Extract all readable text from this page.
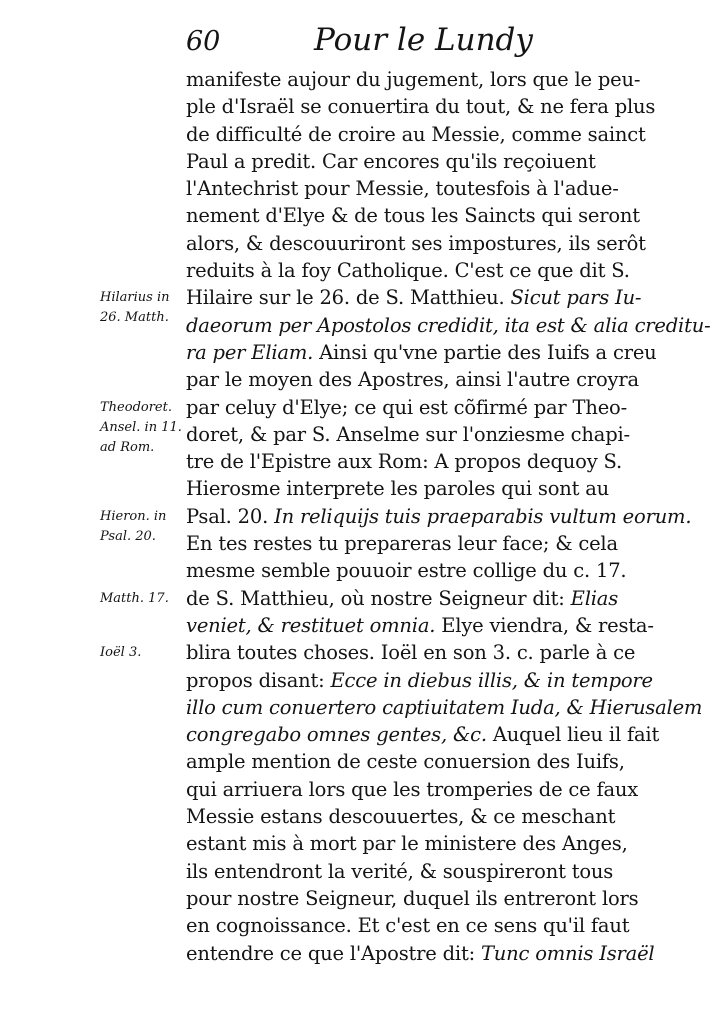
60	Pour le Lundy
Hilarius in
26. Matth.
Theodoret.
Ansel. in 11.
ad Rom.
Hieron. in
Psal. 20.
Matth. 17.
Ioël 3.
manifeste aujour du jugement, lors que le peu-
ple d'Israël se conuertira du tout, & ne fera plus
de difficulté de croire au Messie, comme sainct
Paul a predit. Car encores qu'ils reçoiuent
l'Antechrist pour Messie, toutesfois à l'adue-
nement d'Elye & de tous les Saincts qui seront
alors, & descouuriront ses impostures, ils serôt
reduits à la foy Catholique. C'est ce que dit S.
Hilaire sur le 26. de S. Matthieu. Sicut pars Iu-
daeorum per Apostolos credidit, ita est & alia creditu-
ra per Eliam. Ainsi qu'vne partie des Iuifs a creu
par le moyen des Apostres, ainsi l'autre croyra
par celuy d'Elye; ce qui est cõfirmé par Theo-
doret, & par S. Anselme sur l'onziesme chapi-
tre de l'Epistre aux Rom: A propos dequoy S.
Hierosme interprete les paroles qui sont au
Psal. 20. In reliquijs tuis praeparabis vultum eorum.
En tes restes tu prepareras leur face; & cela
mesme semble pouuoir estre collige du c. 17.
de S. Matthieu, où nostre Seigneur dit: Elias
veniet, & restituet omnia. Elye viendra, & resta-
blira toutes choses. Ioël en son 3. c. parle à ce
propos disant: Ecce in diebus illis, & in tempore
illo cum conuertero captiuitatem Iuda, & Hierusalem
congregabo omnes gentes, &c. Auquel lieu il fait
ample mention de ceste conuersion des Iuifs,
qui arriuera lors que les tromperies de ce faux
Messie estans descouuertes, & ce meschant
estant mis à mort par le ministere des Anges,
ils entendront la verité, & souspireront tous
pour nostre Seigneur, duquel ils entreront lors
en cognoissance. Et c'est en ce sens qu'il faut
entendre ce que l'Apostre dit: Tunc omnis Israël
